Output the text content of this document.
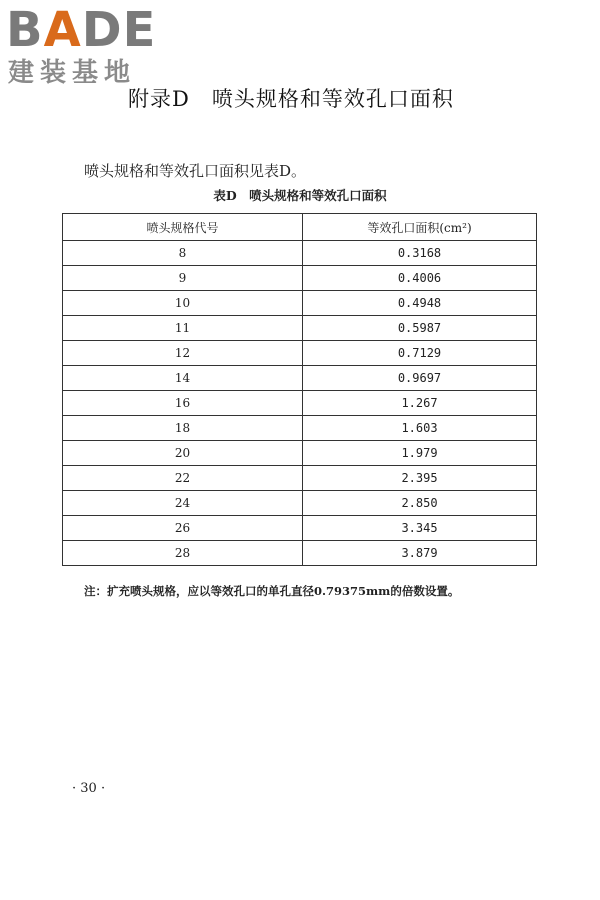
BADE

建装基地

附录D　喷头规格和等效孔口面积

喷头规格和等效孔口面积见表D。

表D　喷头规格和等效孔口面积

喷头规格代号	等效孔口面积(cm²)
8	0.3168
9	0.4006
10	0.4948
11	0.5987
12	0.7129
14	0.9697
16	1.267
18	1.603
20	1.979
22	2.395
24	2.850
26	3.345
28	3.879

注：扩充喷头规格，应以等效孔口的单孔直径0.79375mm的倍数设置。

· 30 ·
